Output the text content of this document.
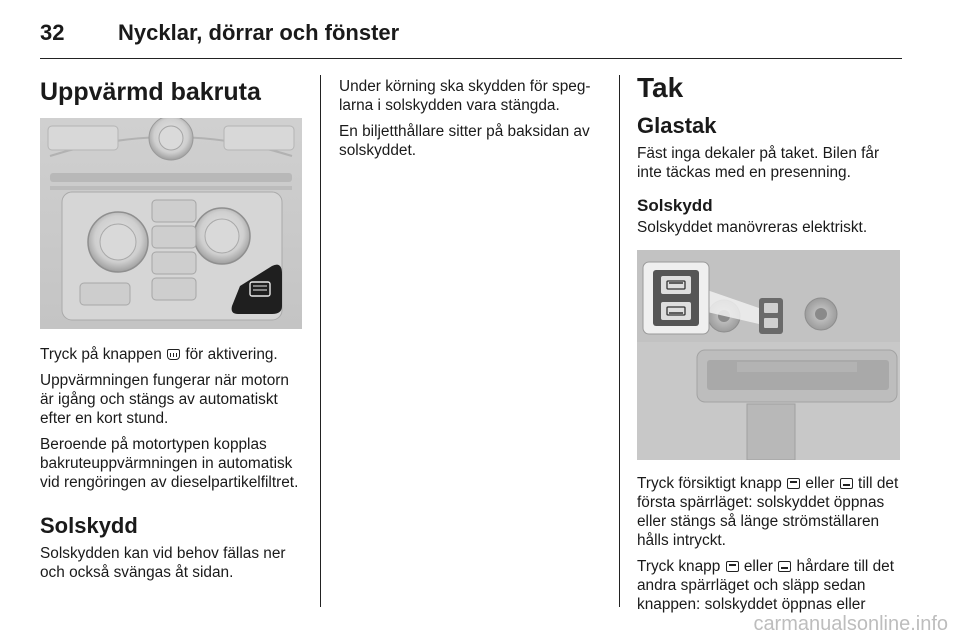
32 Nycklar, dörrar och fönster
Uppvärmd bakruta

Tryck på knappen för aktivering.

Uppvärmningen fungerar när motorn är igång och stängs av automatiskt efter en kort stund.

Beroende på motortypen kopplas bakruteuppvärmningen in automatisk vid rengöringen av dieselpartikelfiltret.

Solskydd

Solskydden kan vid behov fällas ner och också svängas åt sidan.

Under körning ska skydden för speglarna i solskydden vara stängda.

En biljetthållare sitter på baksidan av solskyddet.

Tak
Glastak

Fäst inga dekaler på taket. Bilen får inte täckas med en presenning.

Solskydd

Solskyddet manövreras elektriskt.

Tryck försiktigt knapp eller till det första spärrläget: solskyddet öppnas eller stängs så länge strömställaren hålls intryckt.

Tryck knapp eller hårdare till det andra spärrläget och släpp sedan knappen: solskyddet öppnas eller

carmanualsonline.info
